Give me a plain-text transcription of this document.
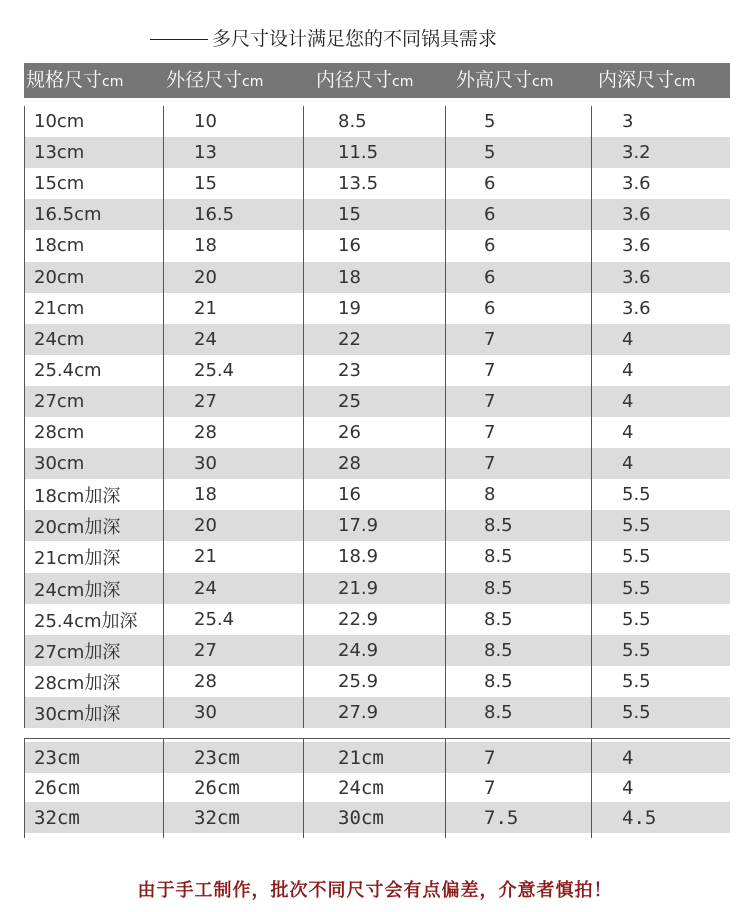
多尺寸设计满足您的不同锅具需求
规格尺寸cm 外径尺寸cm	内径尺寸cm 外高尺寸cm 内深尺寸cm
10cm	10	8.5	5	3
13cm	13	11.5	5	3.2
15cm	15	13.5	6	3.6
16.5cm	16.5	15	6	3.6
18cm	18	16	6	3.6
20cm	20	18	6	3.6
21cm	21	19	6	3.6
24cm	24	22	7	4
25.4cm	25.4	23	7	4
27cm	27	25	7	4
28cm	28	26	7	4
30cm	30	28	7	4
18cm加深	18	16	8	5.5
20cm加深	20	17.9	8.5	5.5
21cm加深	21	18.9	8.5	5.5
24cm加深	24	21.9	8.5	5.5
25.4cm加深	25.4	22.9	8.5	5.5
27cm加深	27	24.9	8.5	5.5
28cm加深	28	25.9	8.5	5.5
30cm加深	30	27.9	8.5	5.5
23cm	23cm	21cm	7	4
26cm	26cm	24cm	7	4
32cm	32cm	30cm	7.5	4.5
由于手工制作，批次不同尺寸会有点偏差，介意者慎拍！
